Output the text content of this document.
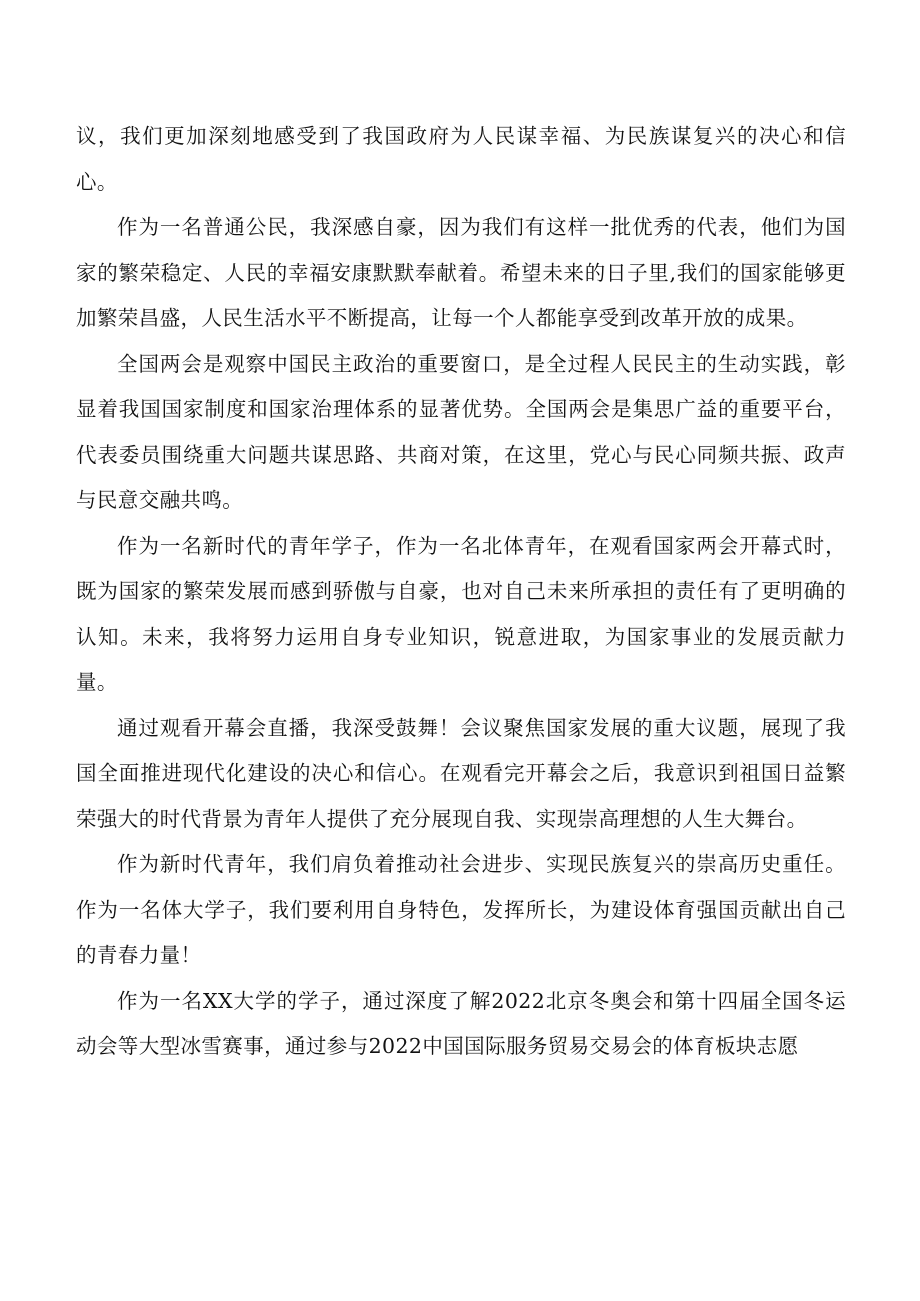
议，我们更加深刻地感受到了我国政府为人民谋幸福、为民族谋复兴的决心和信心。

作为一名普通公民，我深感自豪，因为我们有这样一批优秀的代表，他们为国家的繁荣稳定、人民的幸福安康默默奉献着。希望未来的日子里,我们的国家能够更加繁荣昌盛，人民生活水平不断提高，让每一个人都能享受到改革开放的成果。

全国两会是观察中国民主政治的重要窗口，是全过程人民民主的生动实践，彰显着我国国家制度和国家治理体系的显著优势。全国两会是集思广益的重要平台，代表委员围绕重大问题共谋思路、共商对策，在这里，党心与民心同频共振、政声与民意交融共鸣。

作为一名新时代的青年学子，作为一名北体青年，在观看国家两会开幕式时，既为国家的繁荣发展而感到骄傲与自豪，也对自己未来所承担的责任有了更明确的认知。未来，我将努力运用自身专业知识，锐意进取，为国家事业的发展贡献力量。

通过观看开幕会直播，我深受鼓舞！会议聚焦国家发展的重大议题，展现了我国全面推进现代化建设的决心和信心。在观看完开幕会之后，我意识到祖国日益繁荣强大的时代背景为青年人提供了充分展现自我、实现崇高理想的人生大舞台。

作为新时代青年，我们肩负着推动社会进步、实现民族复兴的崇高历史重任。作为一名体大学子，我们要利用自身特色，发挥所长，为建设体育强国贡献出自己的青春力量！

作为一名XX大学的学子，通过深度了解2022北京冬奥会和第十四届全国冬运动会等大型冰雪赛事，通过参与2022中国国际服务贸易交易会的体育板块志愿
